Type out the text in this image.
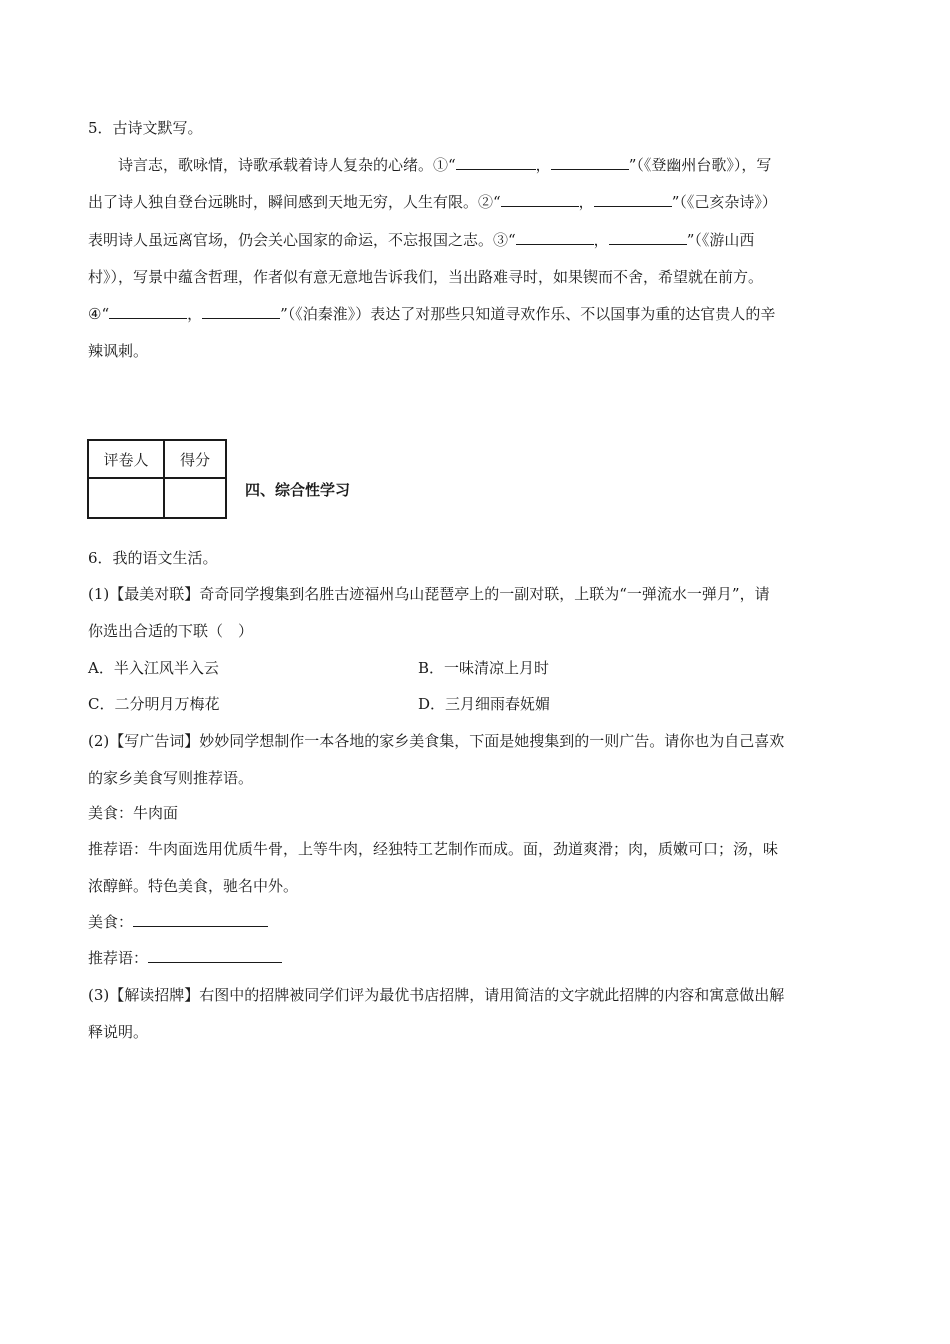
5．古诗文默写。
诗言志，歌咏情，诗歌承载着诗人复杂的心绪。①“	，	”（《登幽州台歌》），写
出了诗人独自登台远眺时，瞬间感到天地无穷，人生有限。②“	，	”（《己亥杂诗》）
表明诗人虽远离官场，仍会关心国家的命运，不忘报国之志。③“	，	”（《游山西
村》），写景中蕴含哲理，作者似有意无意地告诉我们，当出路难寻时，如果锲而不舍，希望就在前方。
④“	，	”（《泊秦淮》）表达了对那些只知道寻欢作乐、不以国事为重的达官贵人的辛
辣讽刺。
评卷人	得分

四、综合性学习
6．我的语文生活。
(1)【最美对联】奇奇同学搜集到名胜古迹福州乌山琵琶亭上的一副对联，上联为“一弹流水一弹月”，请
你选出合适的下联（　）
A．半入江风半入云	B．一味清凉上月时
C．二分明月万梅花	D．三月细雨春妩媚
(2)【写广告词】妙妙同学想制作一本各地的家乡美食集，下面是她搜集到的一则广告。请你也为自己喜欢
的家乡美食写则推荐语。
美食：牛肉面
推荐语：牛肉面选用优质牛骨，上等牛肉，经独特工艺制作而成。面，劲道爽滑；肉，质嫩可口；汤，味
浓醇鲜。特色美食，驰名中外。
美食：
推荐语：
(3)【解读招牌】右图中的招牌被同学们评为最优书店招牌，请用简洁的文字就此招牌的内容和寓意做出解
释说明。
